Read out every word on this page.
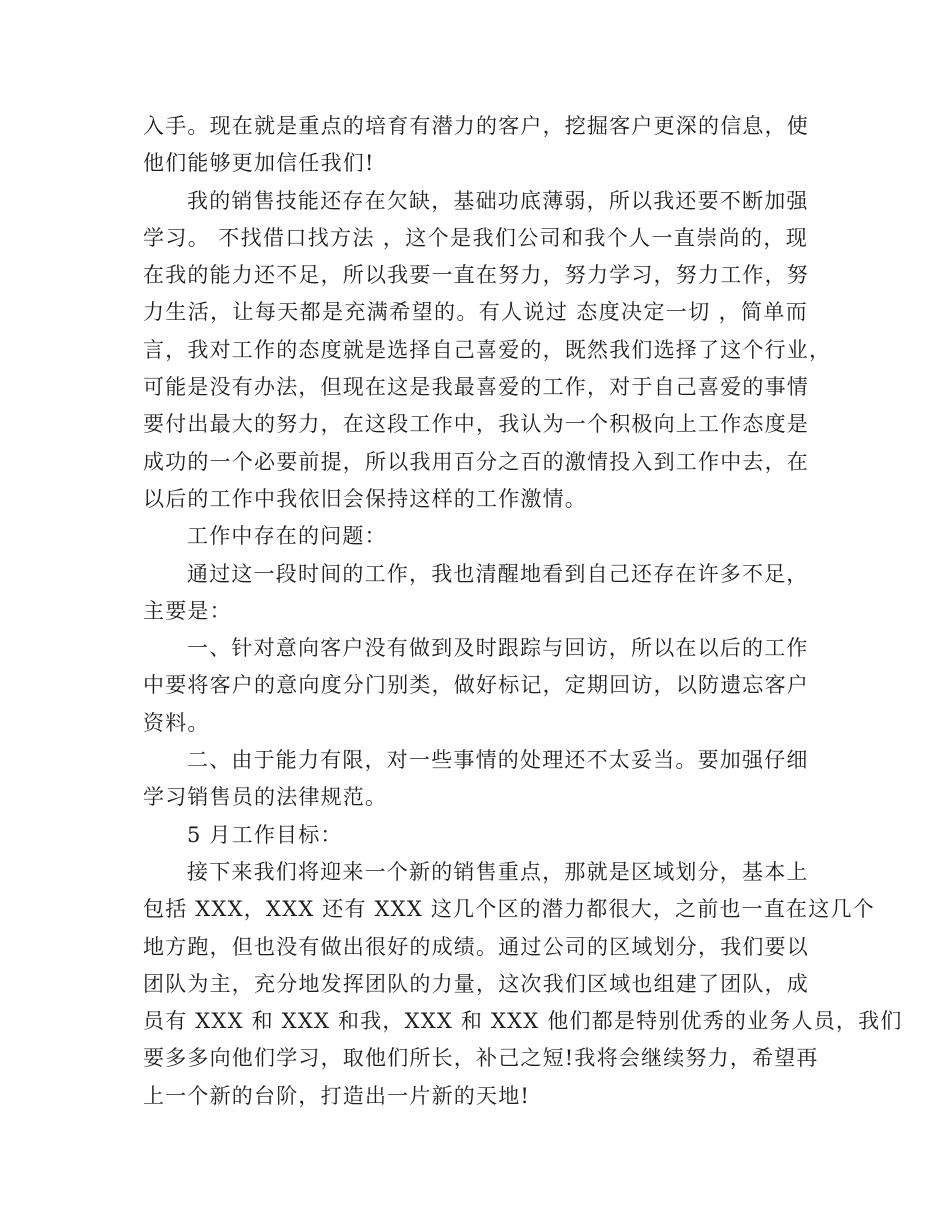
入手。现在就是重点的培育有潜力的客户，挖掘客户更深的信息，使
他们能够更加信任我们!
我的销售技能还存在欠缺，基础功底薄弱，所以我还要不断加强
学习。 不找借口找方法 ，这个是我们公司和我个人一直崇尚的，现
在我的能力还不足，所以我要一直在努力，努力学习，努力工作，努
力生活，让每天都是充满希望的。有人说过 态度决定一切 ，简单而
言，我对工作的态度就是选择自己喜爱的，既然我们选择了这个行业，
可能是没有办法，但现在这是我最喜爱的工作，对于自己喜爱的事情
要付出最大的努力，在这段工作中，我认为一个积极向上工作态度是
成功的一个必要前提，所以我用百分之百的激情投入到工作中去，在
以后的工作中我依旧会保持这样的工作激情。
工作中存在的问题：
通过这一段时间的工作，我也清醒地看到自己还存在许多不足，
主要是：
一、针对意向客户没有做到及时跟踪与回访，所以在以后的工作
中要将客户的意向度分门别类，做好标记，定期回访，以防遗忘客户
资料。
二、由于能力有限，对一些事情的处理还不太妥当。要加强仔细
学习销售员的法律规范。
5 月工作目标：
接下来我们将迎来一个新的销售重点，那就是区域划分，基本上
包括 XXX，XXX 还有 XXX 这几个区的潜力都很大，之前也一直在这几个
地方跑，但也没有做出很好的成绩。通过公司的区域划分，我们要以
团队为主，充分地发挥团队的力量，这次我们区域也组建了团队，成
员有 XXX 和 XXX 和我，XXX 和 XXX 他们都是特别优秀的业务人员，我们
要多多向他们学习，取他们所长，补己之短!我将会继续努力，希望再
上一个新的台阶，打造出一片新的天地!
